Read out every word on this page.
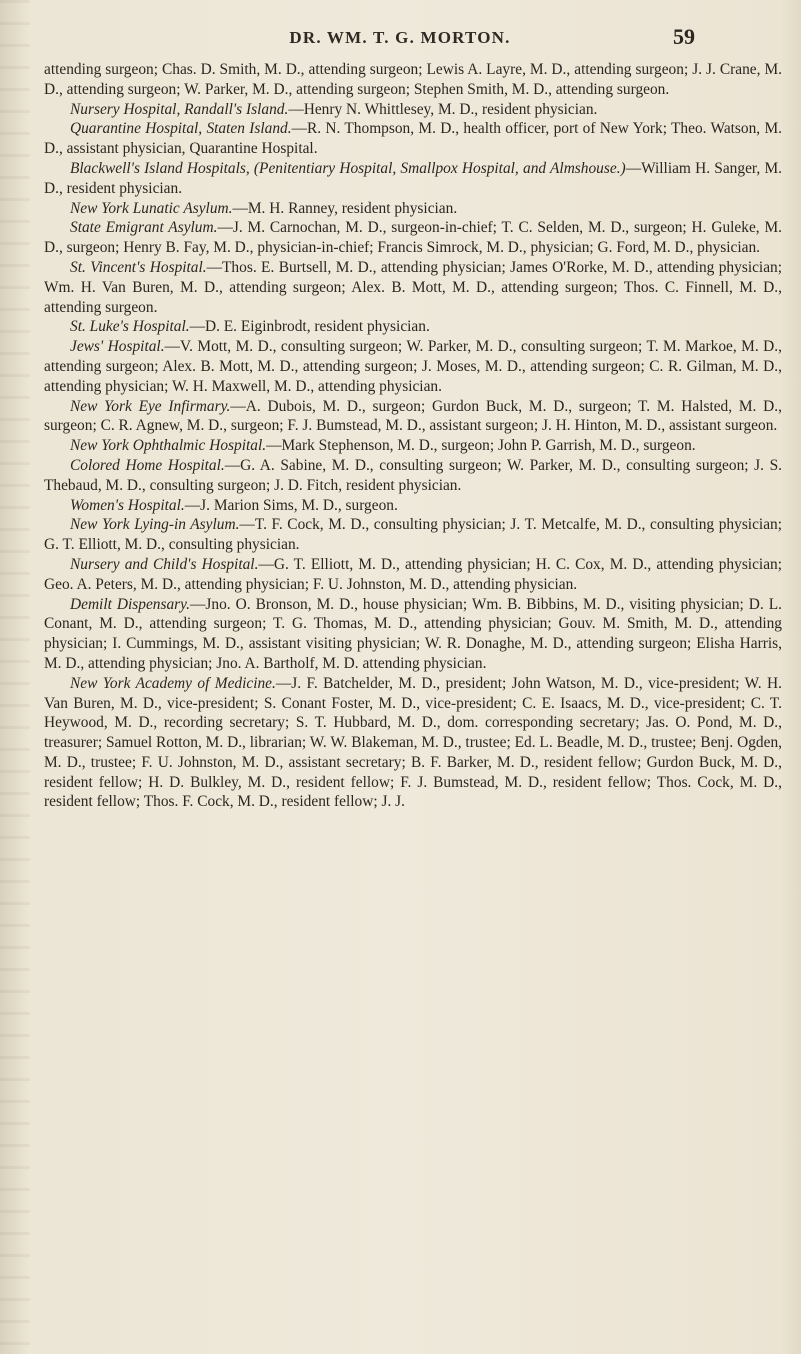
DR. WM. T. G. MORTON.	59

attending surgeon; Chas. D. Smith, M. D., attending surgeon; Lewis A. Layre, M. D., attending surgeon; J. J. Crane, M. D., attending surgeon; W. Parker, M. D., attending surgeon; Stephen Smith, M. D., attending surgeon.

Nursery Hospital, Randall's Island.—Henry N. Whittlesey, M. D., resident physician.

Quarantine Hospital, Staten Island.—R. N. Thompson, M. D., health officer, port of New York; Theo. Watson, M. D., assistant physician, Quarantine Hospital.

Blackwell's Island Hospitals, (Penitentiary Hospital, Smallpox Hospital, and Almshouse.)—William H. Sanger, M. D., resident physician.

New York Lunatic Asylum.—M. H. Ranney, resident physician.

State Emigrant Asylum.—J. M. Carnochan, M. D., surgeon-in-chief; T. C. Selden, M. D., surgeon; H. Guleke, M. D., surgeon; Henry B. Fay, M. D., physician-in-chief; Francis Simrock, M. D., physician; G. Ford, M. D., physician.

St. Vincent's Hospital.—Thos. E. Burtsell, M. D., attending physician; James O'Rorke, M. D., attending physician; Wm. H. Van Buren, M. D., attending surgeon; Alex. B. Mott, M. D., attending surgeon; Thos. C. Finnell, M. D., attending surgeon.

St. Luke's Hospital.—D. E. Eiginbrodt, resident physician.

Jews' Hospital.—V. Mott, M. D., consulting surgeon; W. Parker, M. D., consulting surgeon; T. M. Markoe, M. D., attending surgeon; Alex. B. Mott, M. D., attending surgeon; J. Moses, M. D., attending surgeon; C. R. Gilman, M. D., attending physician; W. H. Maxwell, M. D., attending physician.

New York Eye Infirmary.—A. Dubois, M. D., surgeon; Gurdon Buck, M. D., surgeon; T. M. Halsted, M. D., surgeon; C. R. Agnew, M. D., surgeon; F. J. Bumstead, M. D., assistant surgeon; J. H. Hinton, M. D., assistant surgeon.

New York Ophthalmic Hospital.—Mark Stephenson, M. D., surgeon; John P. Garrish, M. D., surgeon.

Colored Home Hospital.—G. A. Sabine, M. D., consulting surgeon; W. Parker, M. D., consulting surgeon; J. S. Thebaud, M. D., consulting surgeon; J. D. Fitch, resident physician.

Women's Hospital.—J. Marion Sims, M. D., surgeon.

New York Lying-in Asylum.—T. F. Cock, M. D., consulting physician; J. T. Metcalfe, M. D., consulting physician; G. T. Elliott, M. D., consulting physician.

Nursery and Child's Hospital.—G. T. Elliott, M. D., attending physician; H. C. Cox, M. D., attending physician; Geo. A. Peters, M. D., attending physician; F. U. Johnston, M. D., attending physician.

Demilt Dispensary.—Jno. O. Bronson, M. D., house physician; Wm. B. Bibbins, M. D., visiting physician; D. L. Conant, M. D., attending surgeon; T. G. Thomas, M. D., attending physician; Gouv. M. Smith, M. D., attending physician; I. Cummings, M. D., assistant visiting physician; W. R. Donaghe, M. D., attending surgeon; Elisha Harris, M. D., attending physician; Jno. A. Bartholf, M. D. attending physician.

New York Academy of Medicine.—J. F. Batchelder, M. D., president; John Watson, M. D., vice-president; W. H. Van Buren, M. D., vice-president; S. Conant Foster, M. D., vice-president; C. E. Isaacs, M. D., vice-president; C. T. Heywood, M. D., recording secretary; S. T. Hubbard, M. D., dom. corresponding secretary; Jas. O. Pond, M. D., treasurer; Samuel Rotton, M. D., librarian; W. W. Blakeman, M. D., trustee; Ed. L. Beadle, M. D., trustee; Benj. Ogden, M. D., trustee; F. U. Johnston, M. D., assistant secretary; B. F. Barker, M. D., resident fellow; Gurdon Buck, M. D., resident fellow; H. D. Bulkley, M. D., resident fellow; F. J. Bumstead, M. D., resident fellow; Thos. Cock, M. D., resident fellow; Thos. F. Cock, M. D., resident fellow; J. J.
